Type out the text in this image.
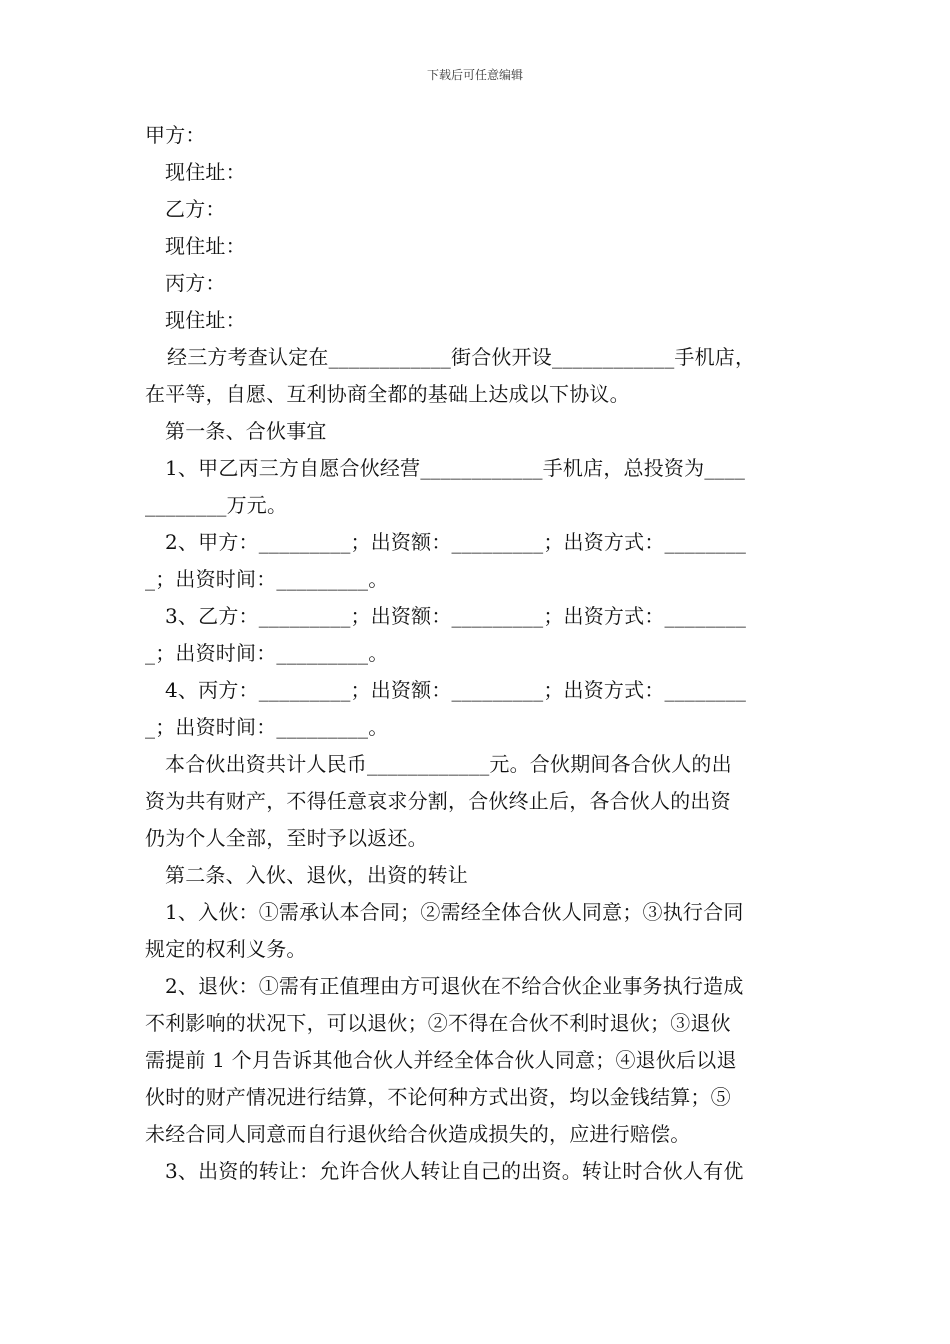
下载后可任意编辑
甲方：
现住址：
乙方：
现住址：
丙方：
现住址：
经三方考查认定在____________街合伙开设____________手机店，
在平等，自愿、互利协商全都的基础上达成以下协议。
第一条、合伙事宜
1、甲乙丙三方自愿合伙经营____________手机店，总投资为____
________万元。
2、甲方：_________；出资额：_________；出资方式：________
_；出资时间：_________。
3、乙方：_________；出资额：_________；出资方式：________
_；出资时间：_________。
4、丙方：_________；出资额：_________；出资方式：________
_；出资时间：_________。
本合伙出资共计人民币____________元。合伙期间各合伙人的出
资为共有财产，不得任意哀求分割，合伙终止后，各合伙人的出资
仍为个人全部，至时予以返还。
第二条、入伙、退伙，出资的转让
1、入伙：①需承认本合同；②需经全体合伙人同意；③执行合同
规定的权利义务。
2、退伙：①需有正值理由方可退伙在不给合伙企业事务执行造成
不利影响的状况下，可以退伙；②不得在合伙不利时退伙；③退伙
需提前 1 个月告诉其他合伙人并经全体合伙人同意；④退伙后以退
伙时的财产情况进行结算，不论何种方式出资，均以金钱结算；⑤
未经合同人同意而自行退伙给合伙造成损失的，应进行赔偿。
3、出资的转让：允许合伙人转让自己的出资。转让时合伙人有优
